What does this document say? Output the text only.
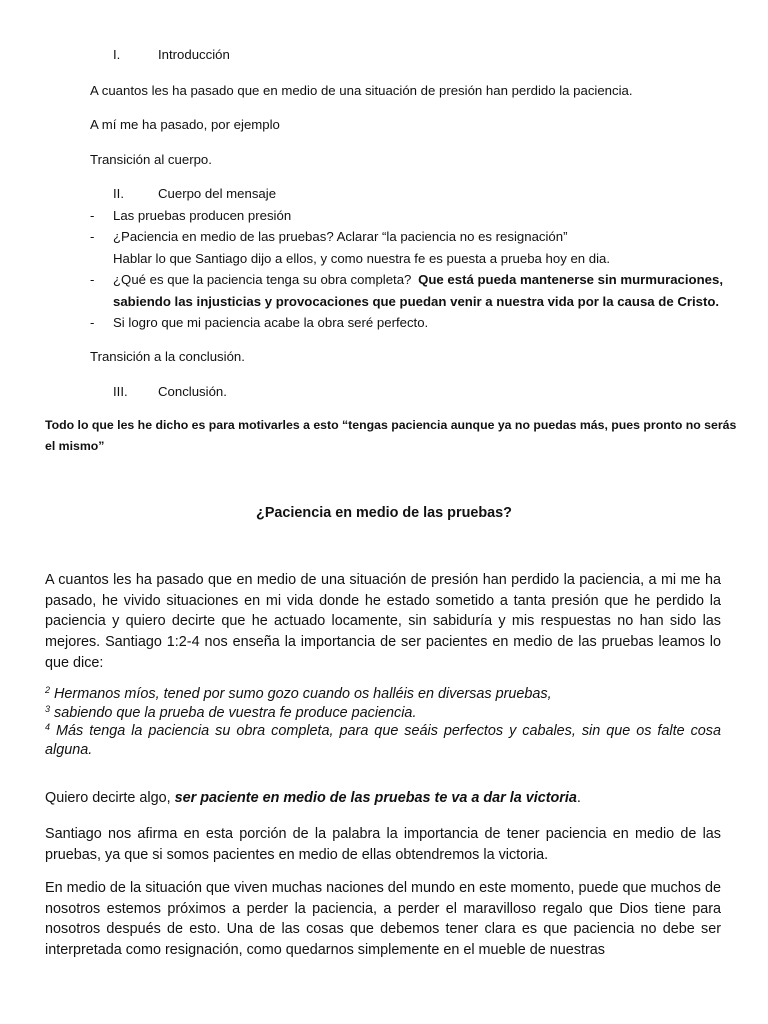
I.	Introducción
A cuantos les ha pasado que en medio de una situación de presión han perdido la paciencia.
A mí me ha pasado, por ejemplo
Transición al cuerpo.
II.	Cuerpo del mensaje
- Las pruebas producen presión
- ¿Paciencia en medio de las pruebas? Aclarar “la paciencia no es resignación”
Hablar lo que Santiago dijo a ellos, y como nuestra fe es puesta a prueba hoy en dia.
- ¿Qué es que la paciencia tenga su obra completa? Que está pueda mantenerse sin murmuraciones,
sabiendo las injusticias y provocaciones que puedan venir a nuestra vida por la causa de Cristo.
- Si logro que mi paciencia acabe la obra seré perfecto.
Transición a la conclusión.
III. Conclusión.
Todo lo que les he dicho es para motivarles a esto “tengas paciencia aunque ya no puedas más, pues pronto no serás
el mismo”
¿Paciencia en medio de las pruebas?
A cuantos les ha pasado que en medio de una situación de presión han perdido la paciencia, a mi me ha pasado, he vivido situaciones en mi vida donde he estado sometido a tanta presión que he perdido la paciencia y quiero decirte que he actuado locamente, sin sabiduría y mis respuestas no han sido las mejores. Santiago 1:2-4 nos enseña la importancia de ser pacientes en medio de las pruebas leamos lo que dice:
$^2$ Hermanos míos, tened por sumo gozo cuando os halléis en diversas pruebas,
$^3$ sabiendo que la prueba de vuestra fe produce paciencia.
$^4$ Más tenga la paciencia su obra completa, para que seáis perfectos y cabales, sin que os falte cosa alguna.
Quiero decirte algo, ser paciente en medio de las pruebas te va a dar la victoria.
Santiago nos afirma en esta porción de la palabra la importancia de tener paciencia en medio de las pruebas, ya que si somos pacientes en medio de ellas obtendremos la victoria.
En medio de la situación que viven muchas naciones del mundo en este momento, puede que muchos de nosotros estemos próximos a perder la paciencia, a perder el maravilloso regalo que Dios tiene para nosotros después de esto. Una de las cosas que debemos tener clara es que paciencia no debe ser interpretada como resignación, como quedarnos simplemente en el mueble de nuestras
